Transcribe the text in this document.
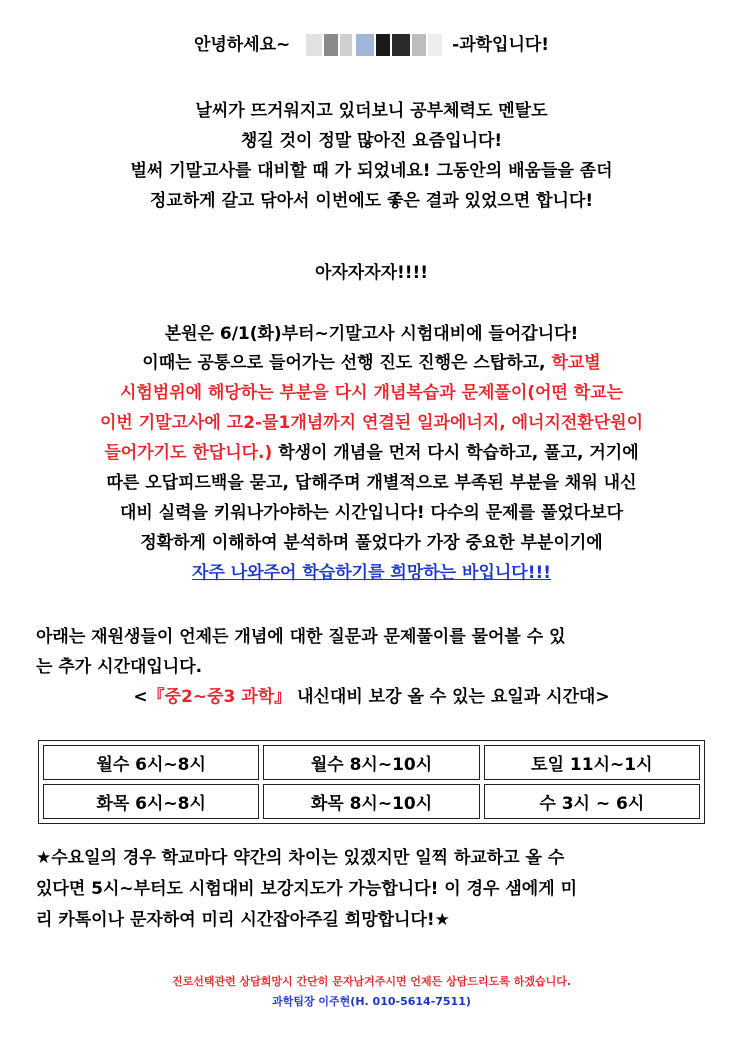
안녕하세요~	-과학입니다!
날씨가 뜨거워지고 있더보니 공부체력도 멘탈도
챙길 것이 정말 많아진 요즘입니다!
벌써 기말고사를 대비할 때 가 되었네요! 그동안의 배움들을 좀더
정교하게 갈고 닦아서 이번에도 좋은 결과 있었으면 합니다!
아자자자자!!!!
본원은 6/1(화)부터~기말고사 시험대비에 들어갑니다!
이때는 공통으로 들어가는 선행 진도 진행은 스탑하고, 학교별
시험범위에 해당하는 부분을 다시 개념복습과 문제풀이(어떤 학교는
이번 기말고사에 고2-물1개념까지 연결된 일과에너지, 에너지전환단원이
들어가기도 한답니다.) 학생이 개념을 먼저 다시 학습하고, 풀고, 거기에
따른 오답피드백을 묻고, 답해주며 개별적으로 부족된 부분을 채워 내신
대비 실력을 키워나가야하는 시간입니다! 다수의 문제를 풀었다보다
정확하게 이해하여 분석하며 풀었다가 가장 중요한 부분이기에
자주 나와주어 학습하기를 희망하는 바입니다!!!
아래는 재원생들이 언제든 개념에 대한 질문과 문제풀이를 물어볼 수 있
는 추가 시간대입니다.
<『중2~중3 과학』 내신대비 보강 올 수 있는 요일과 시간대>
월수 6시~8시	월수 8시~10시	토일 11시~1시
화목 6시~8시	화목 8시~10시	수 3시 ~ 6시
★수요일의 경우 학교마다 약간의 차이는 있겠지만 일찍 하교하고 올 수
있다면 5시~부터도 시험대비 보강지도가 가능합니다! 이 경우 샘에게 미
리 카톡이나 문자하여 미리 시간잡아주길 희망합니다!★
진로선택관련 상담희망시 간단히 문자남겨주시면 언제든 상담드리도록 하겠습니다.
과학팀장 이주현(H. 010-5614-7511)
